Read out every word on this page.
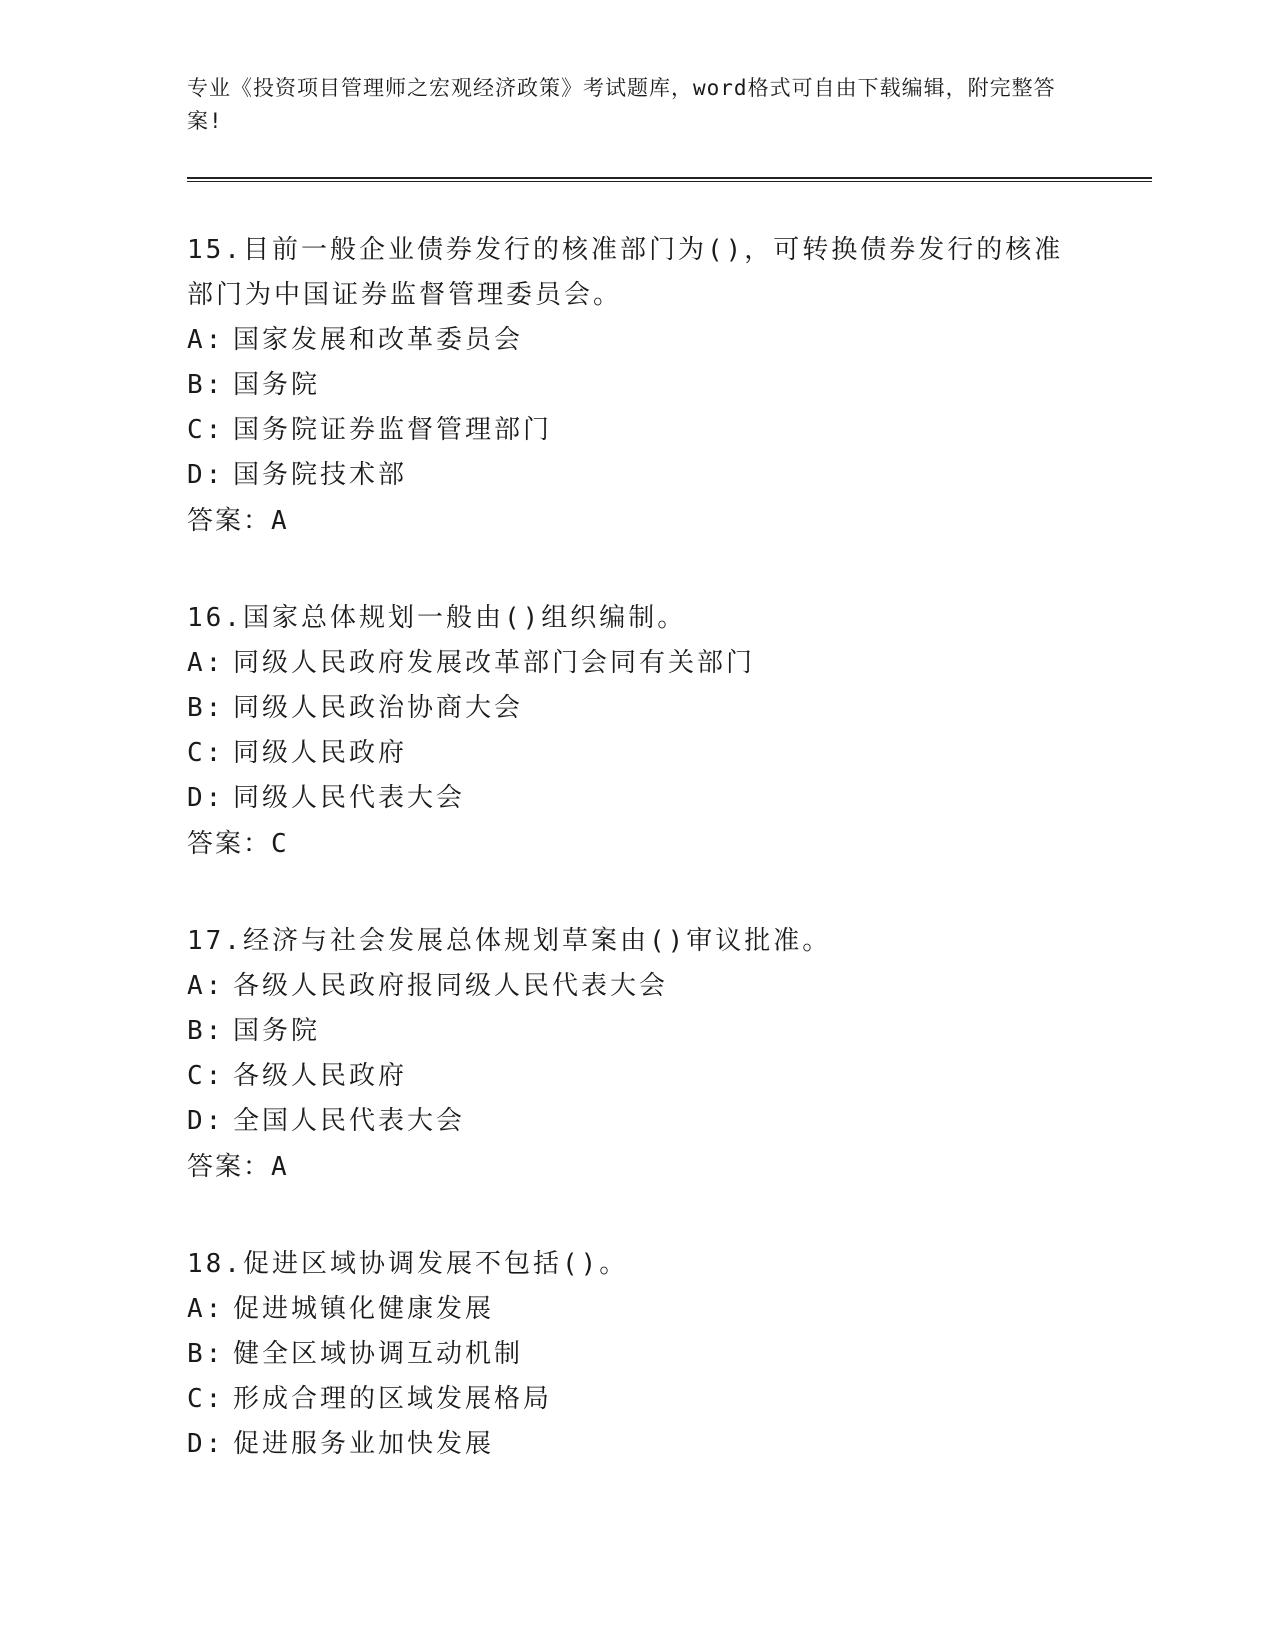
专业《投资项目管理师之宏观经济政策》考试题库，word格式可自由下载编辑，附完整答案!

15.目前一般企业债券发行的核准部门为()，可转换债券发行的核准部门为中国证券监督管理委员会。

A: 国家发展和改革委员会

B: 国务院

C: 国务院证券监督管理部门

D: 国务院技术部

答案：A

16.国家总体规划一般由()组织编制。

A: 同级人民政府发展改革部门会同有关部门

B: 同级人民政治协商大会

C: 同级人民政府

D: 同级人民代表大会

答案：C

17.经济与社会发展总体规划草案由()审议批准。

A: 各级人民政府报同级人民代表大会

B: 国务院

C: 各级人民政府

D: 全国人民代表大会

答案：A

18.促进区域协调发展不包括()。

A: 促进城镇化健康发展

B: 健全区域协调互动机制

C: 形成合理的区域发展格局

D: 促进服务业加快发展
